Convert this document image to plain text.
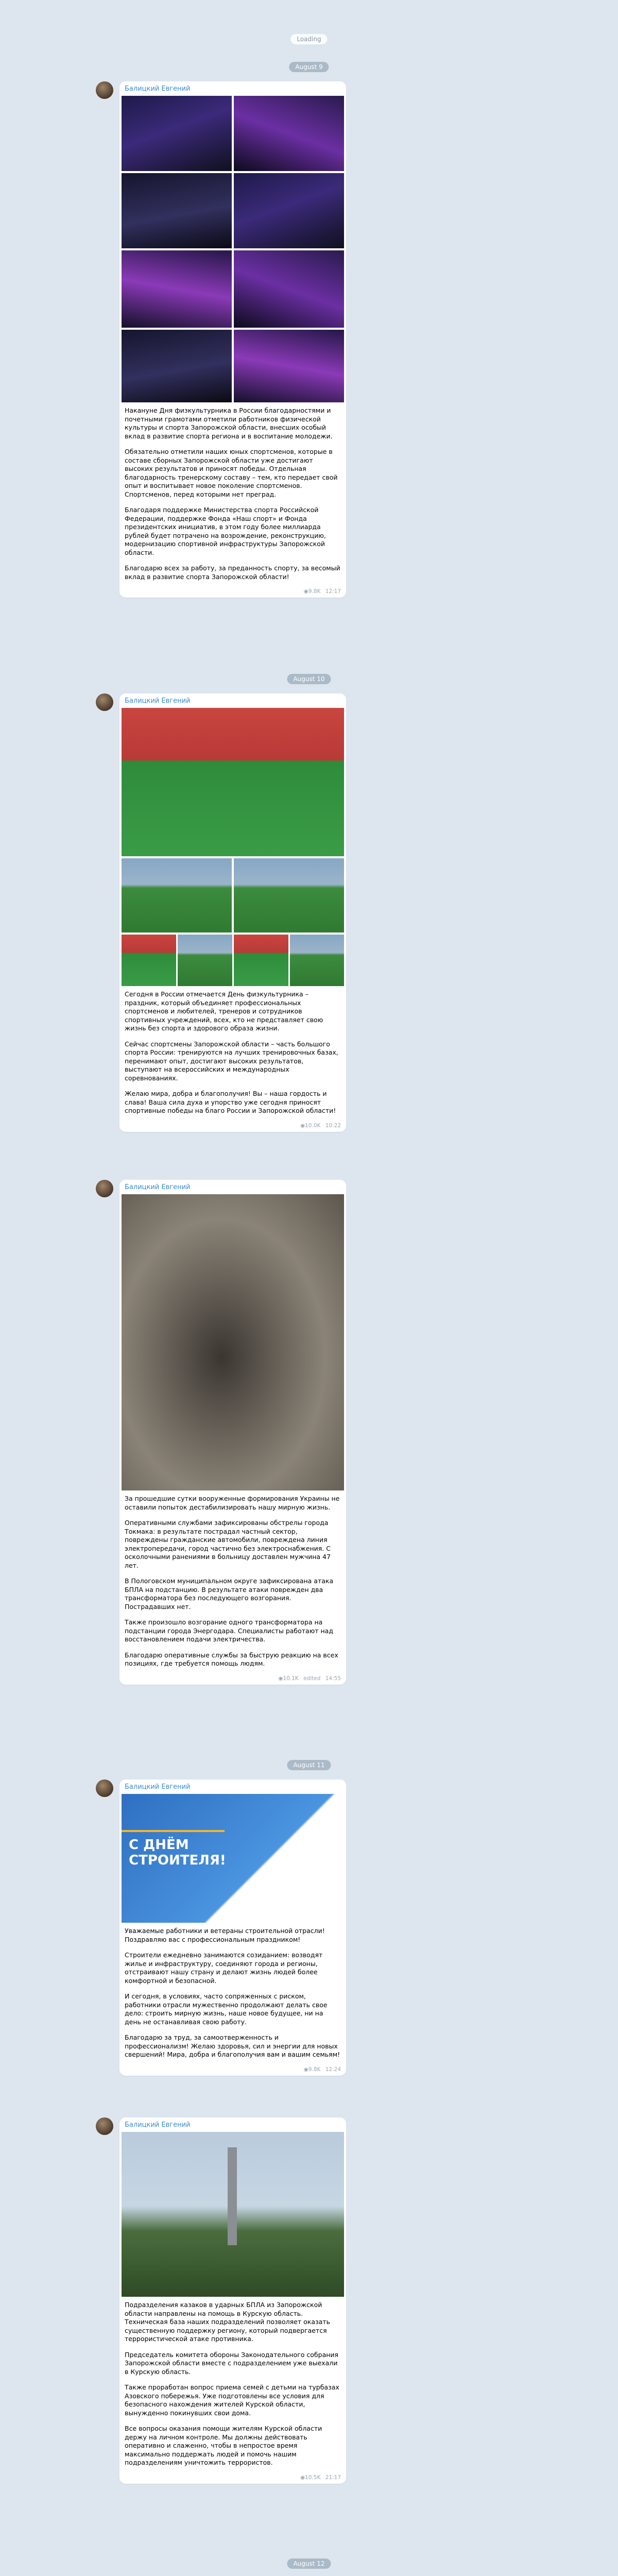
Loading
August 9
Балицкий Евгений

Накануне Дня физкультурника в России благодарностями и почетными грамотами отметили работников физической культуры и спорта Запорожской области, внесших особый вклад в развитие спорта региона и в воспитание молодежи.

Обязательно отметили наших юных спортсменов, которые в составе сборных Запорожской области уже достигают высоких результатов и приносят победы. Отдельная благодарность тренерскому составу – тем, кто передает свой опыт и воспитывает новое поколение спортсменов. Спортсменов, перед которыми нет преград.

Благодаря поддержке Министерства спорта Российской Федерации, поддержке Фонда «Наш спорт» и Фонда президентских инициатив, в этом году более миллиарда рублей будет потрачено на возрождение, реконструкцию, модернизацию спортивной инфраструктуры Запорожской области.

Благодарю всех за работу, за преданность спорту, за весомый вклад в развитие спорта Запорожской области!

◉ 9.8K 12:17
August 10
Балицкий Евгений

Сегодня в России отмечается День физкультурника – праздник, который объединяет профессиональных спортсменов и любителей, тренеров и сотрудников спортивных учреждений, всех, кто не представляет свою жизнь без спорта и здорового образа жизни.

Сейчас спортсмены Запорожской области – часть большого спорта России: тренируются на лучших тренировочных базах, перенимают опыт, достигают высоких результатов, выступают на всероссийских и международных соревнованиях.

Желаю мира, добра и благополучия! Вы – наша гордость и слава! Ваша сила духа и упорство уже сегодня приносят спортивные победы на благо России и Запорожской области!

◉ 10.0K 10:22
Балицкий Евгений

За прошедшие сутки вооруженные формирования Украины не оставили попыток дестабилизировать нашу мирную жизнь.

Оперативными службами зафиксированы обстрелы города Токмака: в результате пострадал частный сектор, повреждены гражданские автомобили, повреждена линия электропередачи, город частично без электроснабжения. С осколочными ранениями в больницу доставлен мужчина 47 лет.

В Пологовском муниципальном округе зафиксирована атака БПЛА на подстанцию. В результате атаки поврежден два трансформатора без последующего возгорания. Пострадавших нет.

Также произошло возгорание одного трансформатора на подстанции города Энергодара. Специалисты работают над восстановлением подачи электричества.

Благодарю оперативные службы за быструю реакцию на всех позициях, где требуется помощь людям.

◉ 10.1K edited 14:55
August 11
Балицкий Евгений
С ДНЁМ
СТРОИТЕЛЯ!

Уважаемые работники и ветераны строительной отрасли! Поздравляю вас с профессиональным праздником!

Строители ежедневно занимаются созиданием: возводят жилье и инфраструктуру, соединяют города и регионы, отстраивают нашу страну и делают жизнь людей более комфортной и безопасной.

И сегодня, в условиях, часто сопряженных с риском, работники отрасли мужественно продолжают делать свое дело: строить мирную жизнь, наше новое будущее, ни на день не останавливая свою работу.

Благодарю за труд, за самоотверженность и профессионализм! Желаю здоровья, сил и энергии для новых свершений! Мира, добра и благополучия вам и вашим семьям!

◉ 9.8K 12:24
Балицкий Евгений

Подразделения казаков в ударных БПЛА из Запорожской области направлены на помощь в Курскую область. Техническая база наших подразделений позволяет оказать существенную поддержку региону, который подвергается террористической атаке противника.

Председатель комитета обороны Законодательного собрания Запорожской области вместе с подразделением уже выехали в Курскую область.

Также проработан вопрос приема семей с детьми на турбазах Азовского побережья. Уже подготовлены все условия для безопасного нахождения жителей Курской области, вынужденно покинувших свои дома.

Все вопросы оказания помощи жителям Курской области держу на личном контроле. Мы должны действовать оперативно и слаженно, чтобы в непростое время максимально поддержать людей и помочь нашим подразделениям уничтожить террористов.

◉ 10.5K 21:17
August 12
